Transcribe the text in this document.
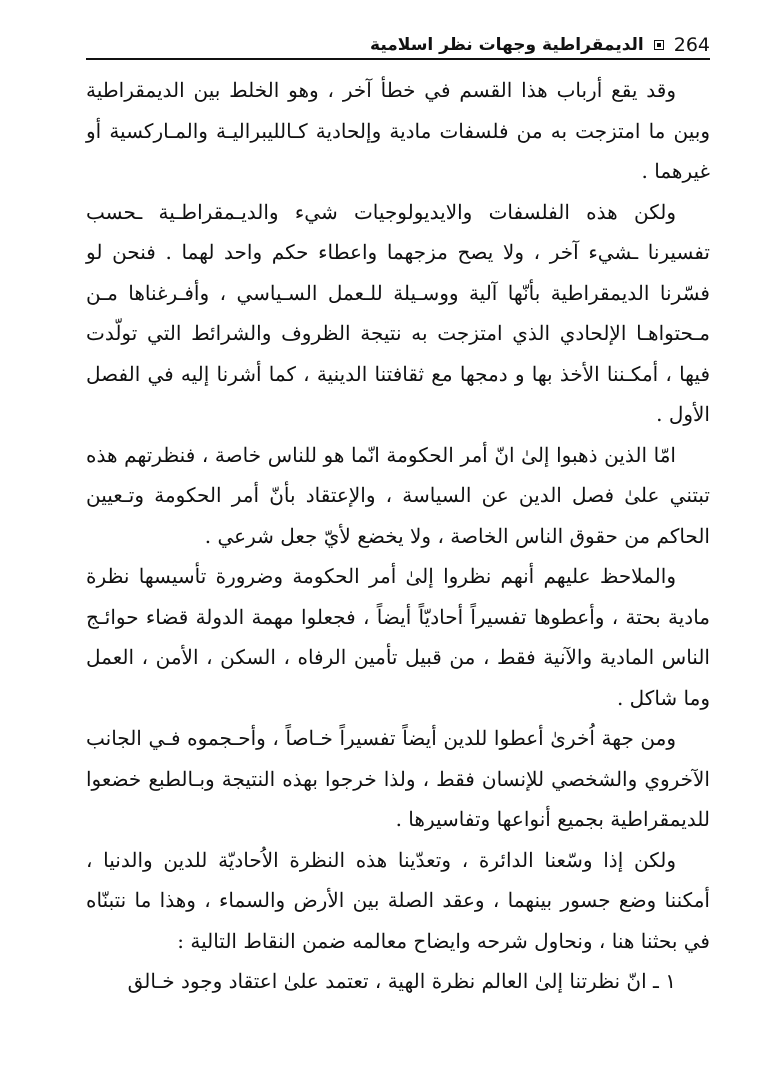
264
الديمقراطية وجهات نظر اسلامية

وقد يقع أرباب هذا القسم في خطأ آخر ، وهو الخلط بين الديمقراطية وبين ما امتزجت به من فلسفات مادية وإلحادية كـالليبراليـة والمـاركسية أو غيرهما .

ولكن هذه الفلسفات والايديولوجيات شيء والديـمقراطـية ـحسب تفسيرنا ـشيء آخر ، ولا يصح مزجهما واعطاء حكم واحد لهما . فنحن لو فسّرنا الديمقراطية بأنّها آلية ووسـيلة للـعمل السـياسي ، وأفـرغناها مـن مـحتواهـا الإلحادي الذي امتزجت به نتيجة الظروف والشرائط التي تولّدت فيها ، أمكـننا الأخذ بها و دمجها مع ثقافتنا الدينية ، كما أشرنا إليه في الفصل الأول .

امّا الذين ذهبوا إلىٰ انّ أمر الحكومة انّما هو للناس خاصة ، فنظرتهم هذه تبتني علىٰ فصل الدين عن السياسة ، والإعتقاد بأنّ أمر الحكومة وتـعيين الحاكم من حقوق الناس الخاصة ، ولا يخضع لأيّ جعل شرعي .

والملاحظ عليهم أنهم نظروا إلىٰ أمر الحكومة وضرورة تأسيسها نظرة مادية بحتة ، وأعطوها تفسيراً أحاديّاً أيضاً ، فجعلوا مهمة الدولة قضاء حوائـج الناس المادية والآنية فقط ، من قبيل تأمين الرفاه ، السكن ، الأمن ، العمل وما شاكل .

ومن جهة اُخرىٰ أعطوا للدين أيضاً تفسيراً خـاصاً ، وأحـجموه فـي الجانب الآخروي والشخصي للإنسان فقط ، ولذا خرجوا بهذه النتيجة وبـالطبع خضعوا للديمقراطية بجميع أنواعها وتفاسيرها .

ولكن إذا وسّعنا الدائرة ، وتعدّينا هذه النظرة الاُحاديّة للدين والدنيا ، أمكننا وضع جسور بينهما ، وعقد الصلة بين الأرض والسماء ، وهذا ما نتبنّاه في بحثنا هنا ، ونحاول شرحه وايضاح معالمه ضمن النقاط التالية :

١ ـ انّ نظرتنا إلىٰ العالم نظرة الهية ، تعتمد علىٰ اعتقاد وجود خـالق
